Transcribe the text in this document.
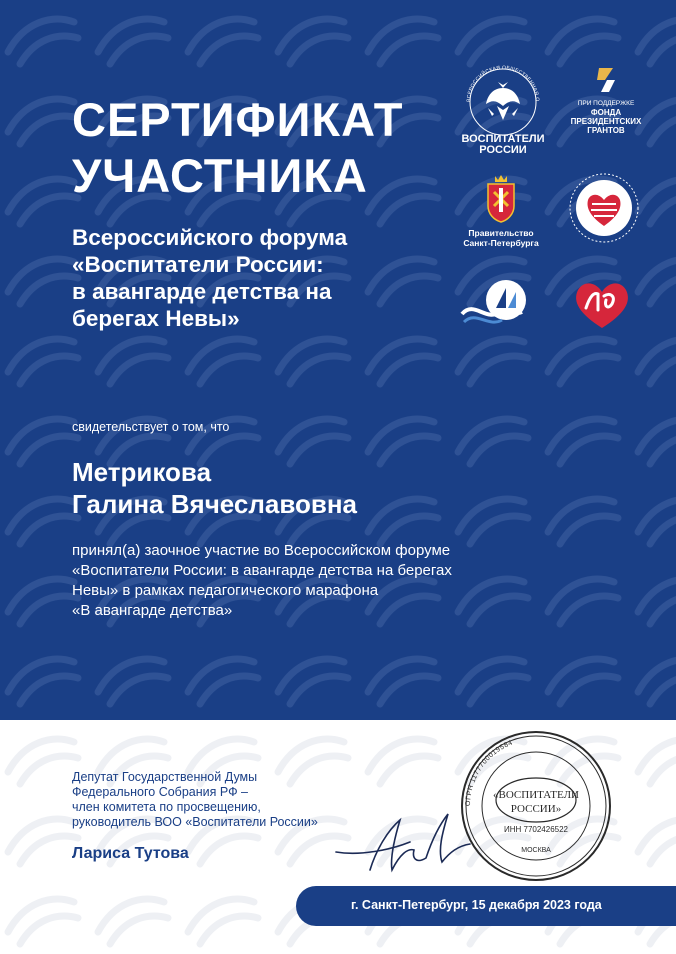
СЕРТИФИКАТ
УЧАСТНИКА
Всероссийского форума
«Воспитатели России:
в авангарде детства на
берегах Невы»
свидетельствует о том, что
Метрикова
Галина Вячеславовна
принял(а) заочное участие во Всероссийском форуме
«Воспитатели России: в авангарде детства на берегах
Невы» в рамках педагогического марафона
«В авангарде детства»
ВСЕРОССИЙСКАЯ ОБЩЕСТВЕННАЯ О
ВОСПИТАТЕЛИ
РОССИИ
ПРИ ПОДДЕРЖКЕ
ФОНДА
ПРЕЗИДЕНТСКИХ
ГРАНТОВ
Правительство
Санкт-Петербурга
Депутат Государственной Думы
Федерального Собрания РФ –
член комитета по просвещению,
руководитель ВОО «Воспитатели России»
Лариса Тутова
ОГРН 1177700019584
«ВОСПИТАТЕЛИ
РОССИИ»
ИНН 7702426522
МОСКВА
г. Санкт-Петербург, 15 декабря 2023 года
